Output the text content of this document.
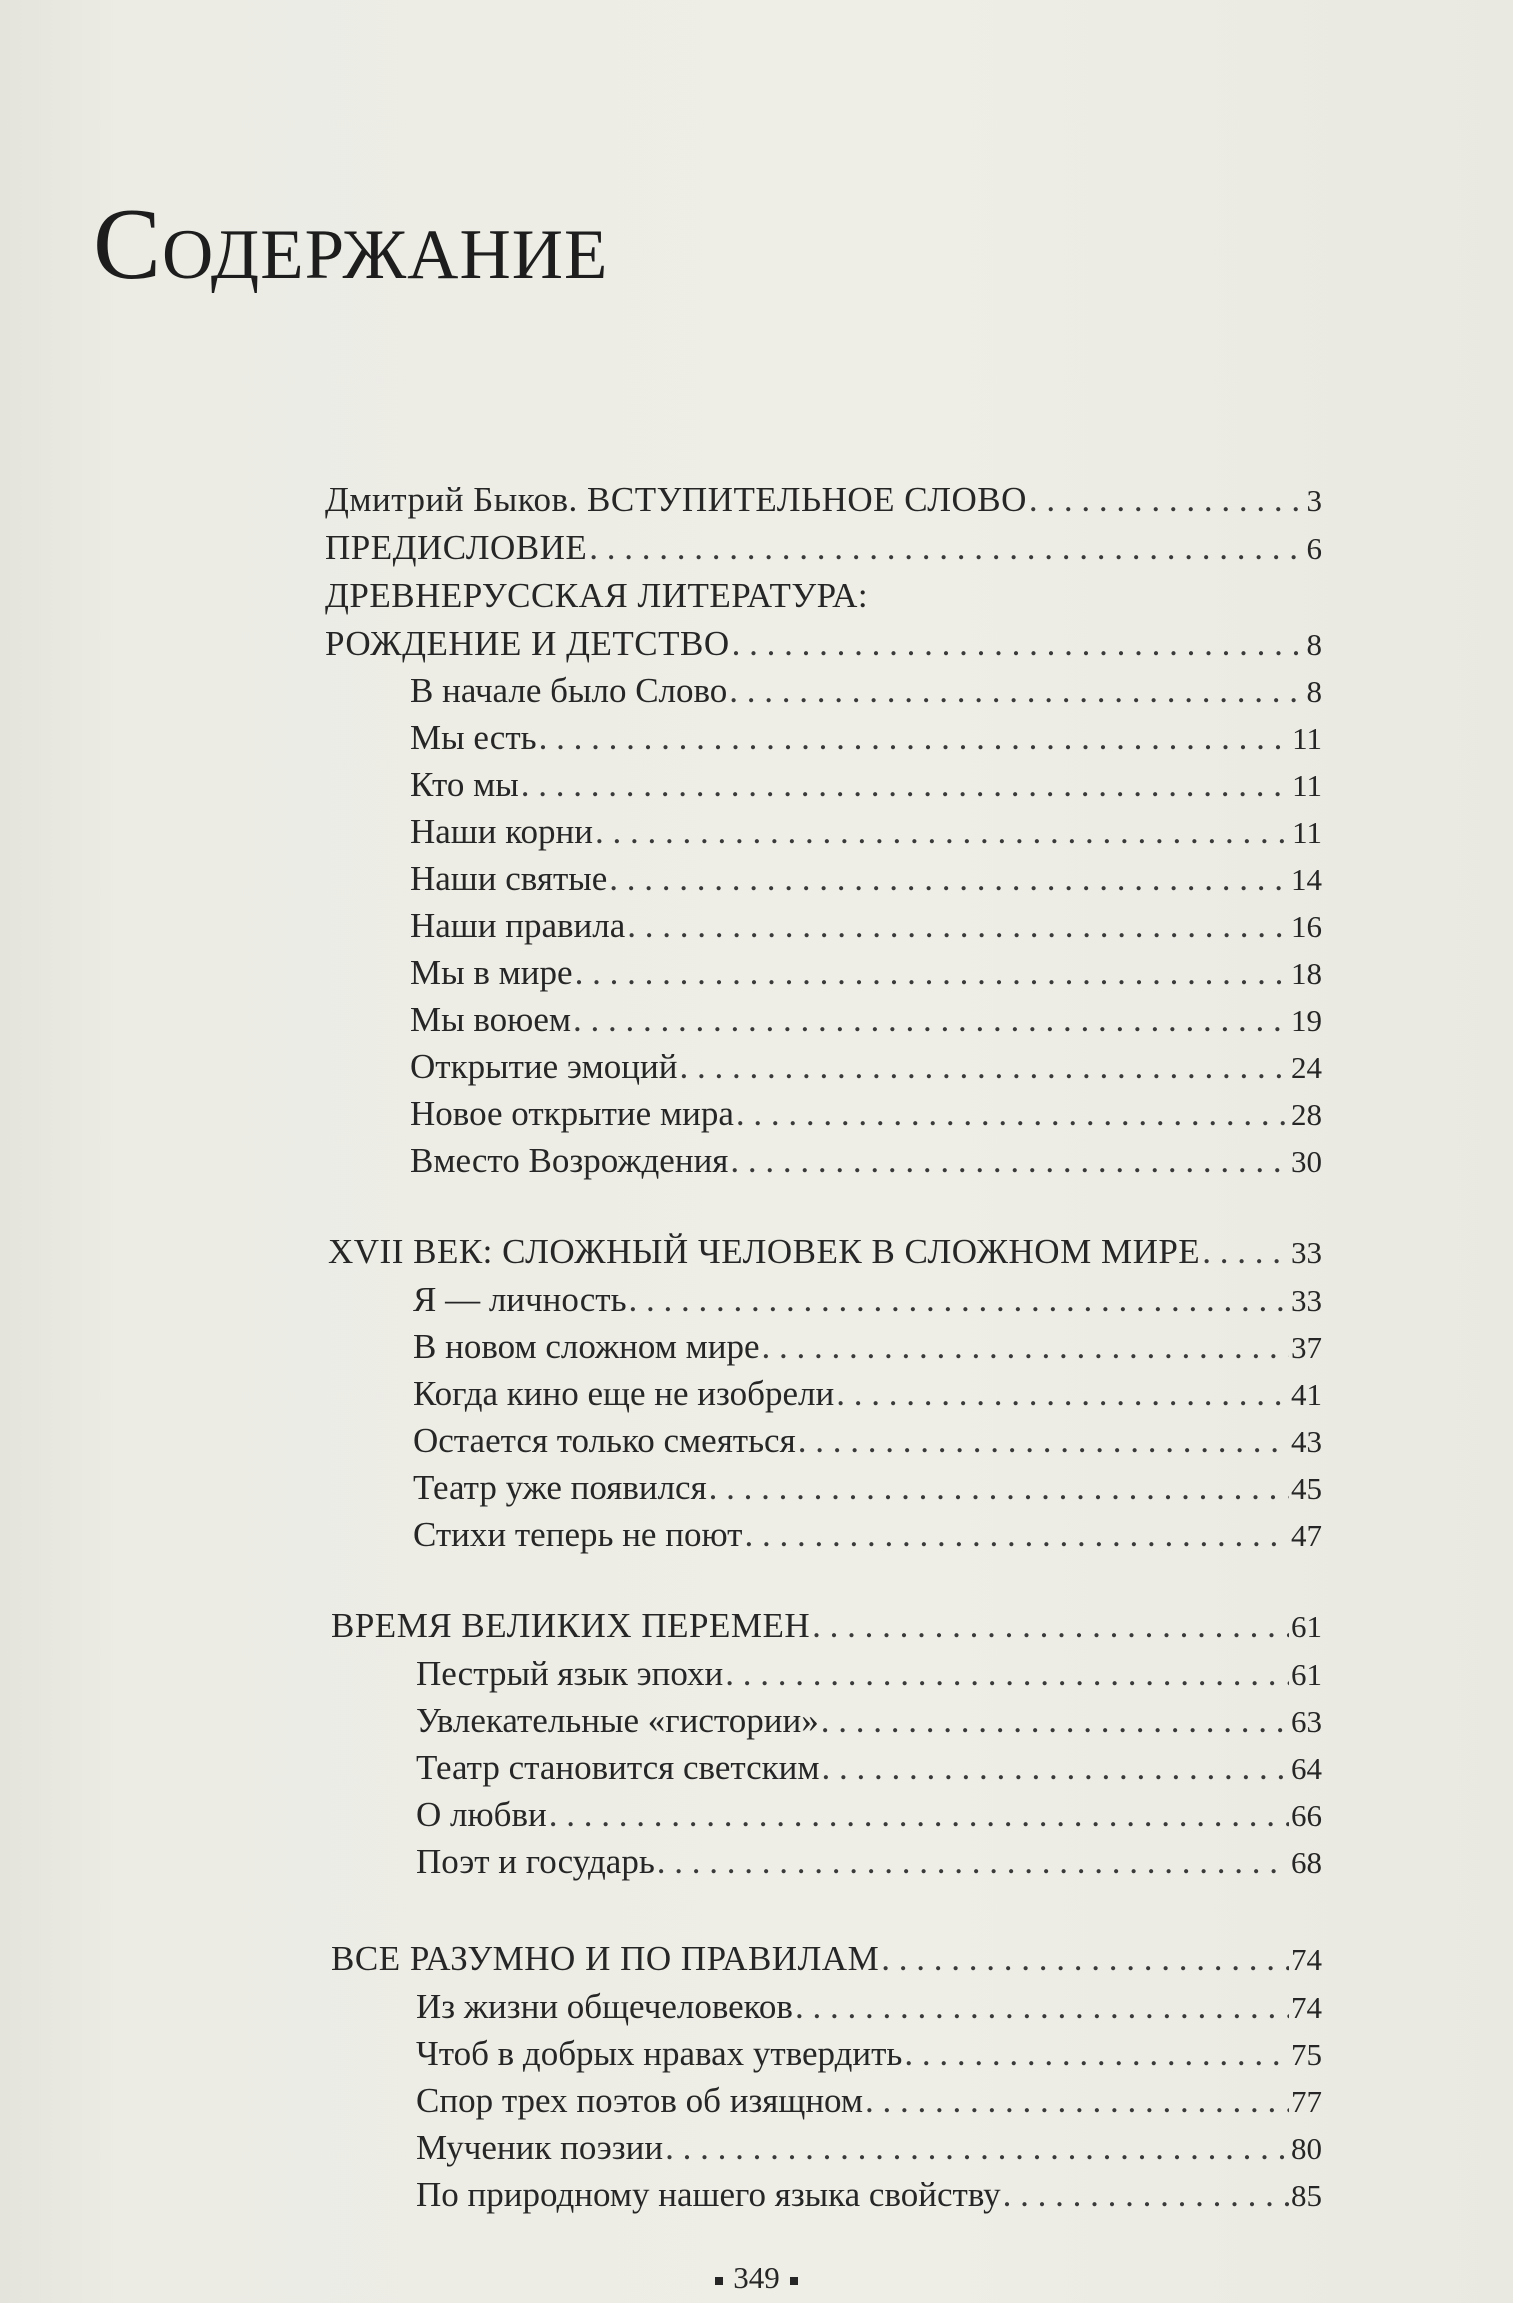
Содержание
Дмитрий Быков. ВСТУПИТЕЛЬНОЕ СЛОВО . . .	3
ПРЕДИСЛОВИЕ . . .	6
ДРЕВНЕРУССКАЯ ЛИТЕРАТУРА:
РОЖДЕНИЕ И ДЕТСТВО . . .	8
В начале было Слово . . .	8
Мы есть . . .	11
Кто мы . . .	11
Наши корни . . .	11
Наши святые . . .	14
Наши правила . . .	16
Мы в мире . . .	18
Мы воюем . . .	19
Открытие эмоций . . .	24
Новое открытие мира . . .	28
Вместо Возрождения . . .	30
XVII ВЕК: СЛОЖНЫЙ ЧЕЛОВЕК В СЛОЖНОМ МИРЕ . . .	33
Я — личность . . .	33
В новом сложном мире . . .	37
Когда кино еще не изобрели . . .	41
Остается только смеяться . . .	43
Театр уже появился . . .	45
Стихи теперь не поют . . .	47
ВРЕМЯ ВЕЛИКИХ ПЕРЕМЕН . . .	61
Пестрый язык эпохи . . .	61
Увлекательные «гистории» . . .	63
Театр становится светским . . .	64
О любви . . .	66
Поэт и государь . . .	68
ВСЕ РАЗУМНО И ПО ПРАВИЛАМ . . .	74
Из жизни общечеловеков . . .	74
Чтоб в добрых нравах утвердить . . .	75
Спор трех поэтов об изящном . . .	77
Мученик поэзии . . .	80
По природному нашего языка свойству . . .	85
349
